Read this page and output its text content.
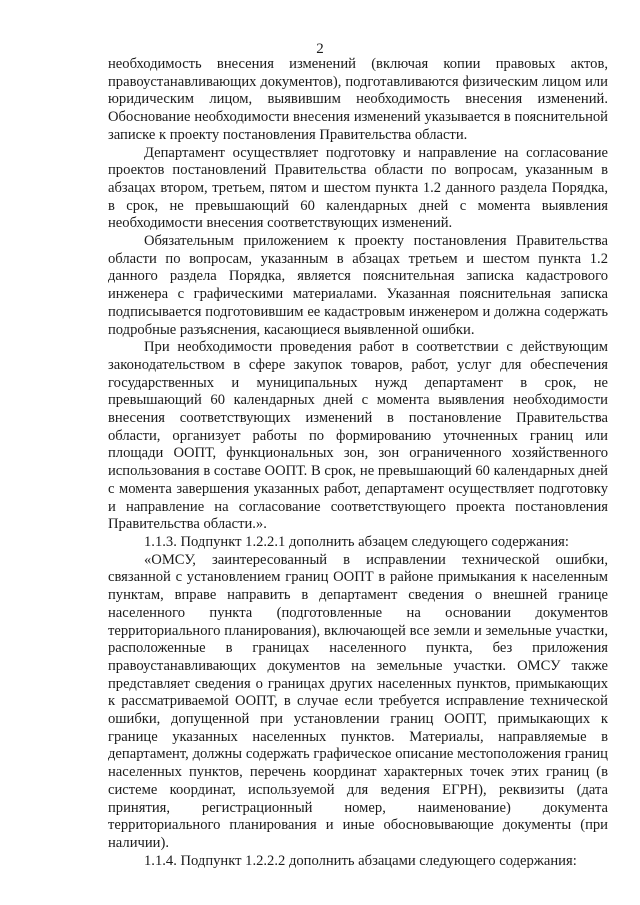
2

необходимость внесения изменений (включая копии правовых актов, правоустанавливающих документов), подготавливаются физическим лицом или юридическим лицом, выявившим необходимость внесения изменений. Обоснование необходимости внесения изменений указывается в пояснительной записке к проекту постановления Правительства области.

Департамент осуществляет подготовку и направление на согласование проектов постановлений Правительства области по вопросам, указанным в абзацах втором, третьем, пятом и шестом пункта 1.2 данного раздела Порядка, в срок, не превышающий 60 календарных дней с момента выявления необходимости внесения соответствующих изменений.

Обязательным приложением к проекту постановления Правительства области по вопросам, указанным в абзацах третьем и шестом пункта 1.2 данного раздела Порядка, является пояснительная записка кадастрового инженера с графическими материалами. Указанная пояснительная записка подписывается подготовившим ее кадастровым инженером и должна содержать подробные разъяснения, касающиеся выявленной ошибки.

При необходимости проведения работ в соответствии с действующим законодательством в сфере закупок товаров, работ, услуг для обеспечения государственных и муниципальных нужд департамент в срок, не превышающий 60 календарных дней с момента выявления необходимости внесения соответствующих изменений в постановление Правительства области, организует работы по формированию уточненных границ или площади ООПТ, функциональных зон, зон ограниченного хозяйственного использования в составе ООПТ. В срок, не превышающий 60 календарных дней с момента завершения указанных работ, департамент осуществляет подготовку и направление на согласование соответствующего проекта постановления Правительства области.».

1.1.3. Подпункт 1.2.2.1 дополнить абзацем следующего содержания:

«ОМСУ, заинтересованный в исправлении технической ошибки, связанной с установлением границ ООПТ в районе примыкания к населенным пунктам, вправе направить в департамент сведения о внешней границе населенного пункта (подготовленные на основании документов территориального планирования), включающей все земли и земельные участки, расположенные в границах населенного пункта, без приложения правоустанавливающих документов на земельные участки. ОМСУ также представляет сведения о границах других населенных пунктов, примыкающих к рассматриваемой ООПТ, в случае если требуется исправление технической ошибки, допущенной при установлении границ ООПТ, примыкающих к границе указанных населенных пунктов. Материалы, направляемые в департамент, должны содержать графическое описание местоположения границ населенных пунктов, перечень координат характерных точек этих границ (в системе координат, используемой для ведения ЕГРН), реквизиты (дата принятия, регистрационный номер, наименование) документа территориального планирования и иные обосновывающие документы (при наличии).

1.1.4. Подпункт 1.2.2.2 дополнить абзацами следующего содержания:
